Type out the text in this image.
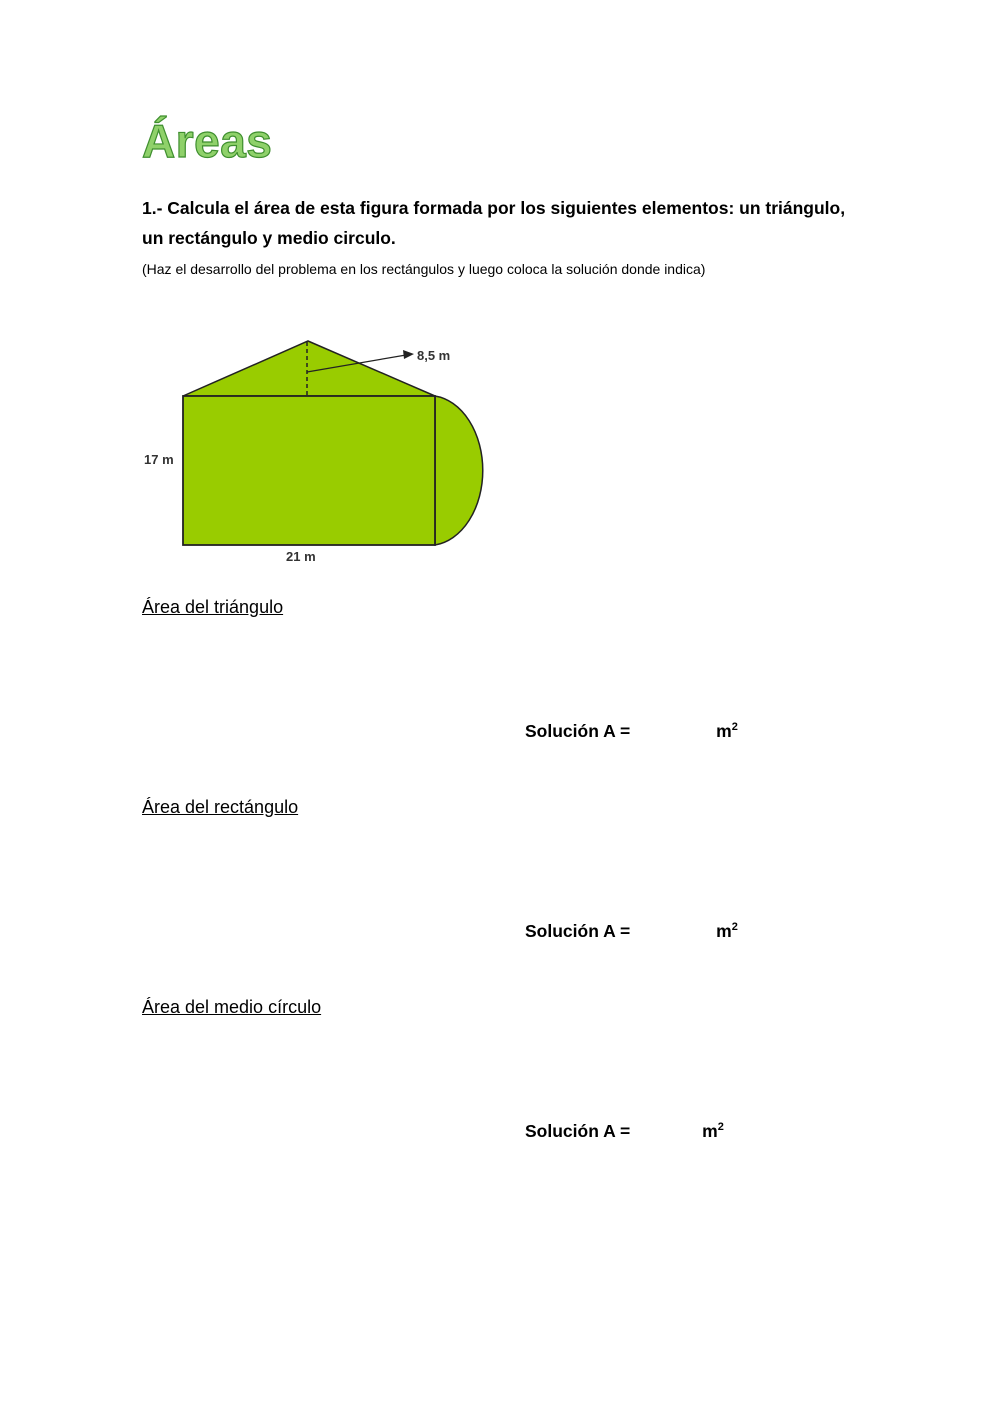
Áreas
1.- Calcula el área de esta figura formada por los siguientes elementos: un triángulo, un rectángulo y medio circulo.
(Haz el desarrollo del problema en los rectángulos y luego coloca la solución donde indica)
8,5 m
17 m
21 m
Área del triángulo
Solución A =	$m^2$
Área del rectángulo
Solución A =	$m^2$
Área del medio círculo
Solución A =	$m^2$
